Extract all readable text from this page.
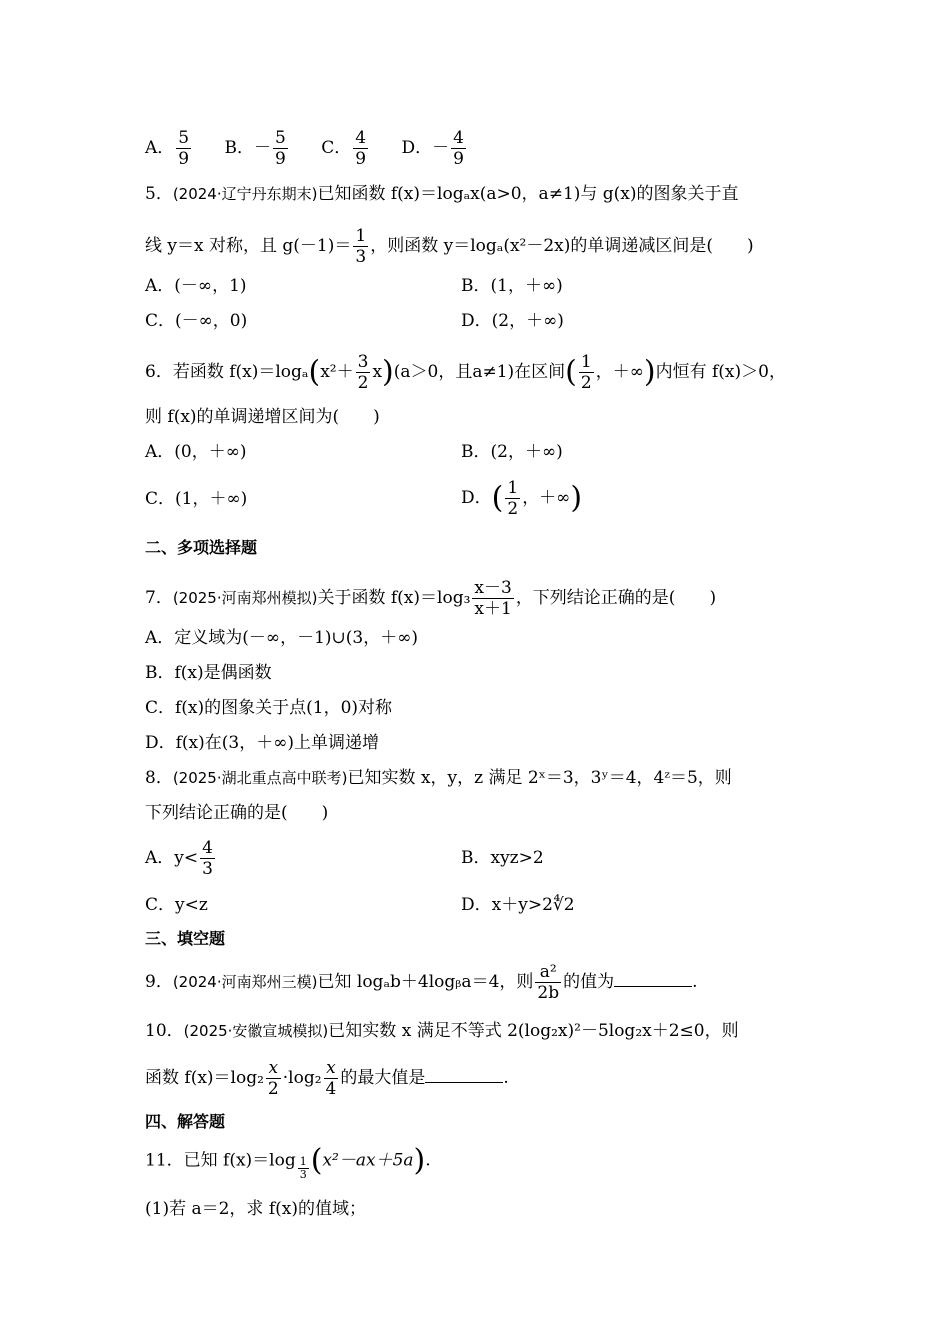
A． $\frac{5}{9}$ B．－ $\frac{5}{9}$ C． $\frac{4}{9}$ D．－ $\frac{4}{9}$
5．(2024·辽宁丹东期末)已知函数 f(x)＝logₐx(a>0，a≠1)与 g(x)的图象关于直
线 y＝x 对称，且 $g(-1)= \frac{1}{3}$ ，则函数 y＝logₐ(x²－2x)的单调递减区间是(　　)
A．(－∞，1)	B．(1，＋∞)
C．(－∞，0)	D．(2，＋∞)
6．若函数 $f(x)=\log_a(x^2+ \frac{3}{2} x)(a>0$，且a≠1)在区间( $\frac{1}{2}$ ，＋∞)内恒有 f(x)＞0，
则 f(x)的单调递增区间为(　　)
A．(0，＋∞)	B．(2，＋∞)
C．(1，＋∞)	D．( $\frac{1}{2}$ ，＋∞)
二、多项选择题
7．(2025·河南郑州模拟)关于函数 $f(x)=\log_3 \frac{x-3}{x+1}$ ，下列结论正确的是(　　)
A．定义域为(－∞，－1)∪(3，＋∞)
B．f(x)是偶函数
C．f(x)的图象关于点(1，0)对称
D．f(x)在(3，＋∞)上单调递增
8．(2025·湖北重点高中联考)已知实数 x，y，z 满足 2ˣ＝3，3ʸ＝4，4ᶻ＝5，则
下列结论正确的是(　　)
A．$y< \frac{4}{3}$	B．xyz>2
C．y<z	D．x＋y>2∜2
三、填空题
9．(2024·河南郑州三模)已知 logₐb＋4logᵦa＝4，则 $\frac{\text{a²}}{2b}$ 的值为	.
10．(2025·安徽宣城模拟)已知实数 x 满足不等式 2(log₂x)²－5log₂x＋2≤0，则
函数 $f(x)=\log_2 \frac{x}{2} \cdot\log_2 \frac{x}{4}$ 的最大值是	.
四、解答题
11．已知 $f(x)=\log \frac{1}{3} (x^2-ax+5a)$.
(1)若 a＝2，求 f(x)的值域；
